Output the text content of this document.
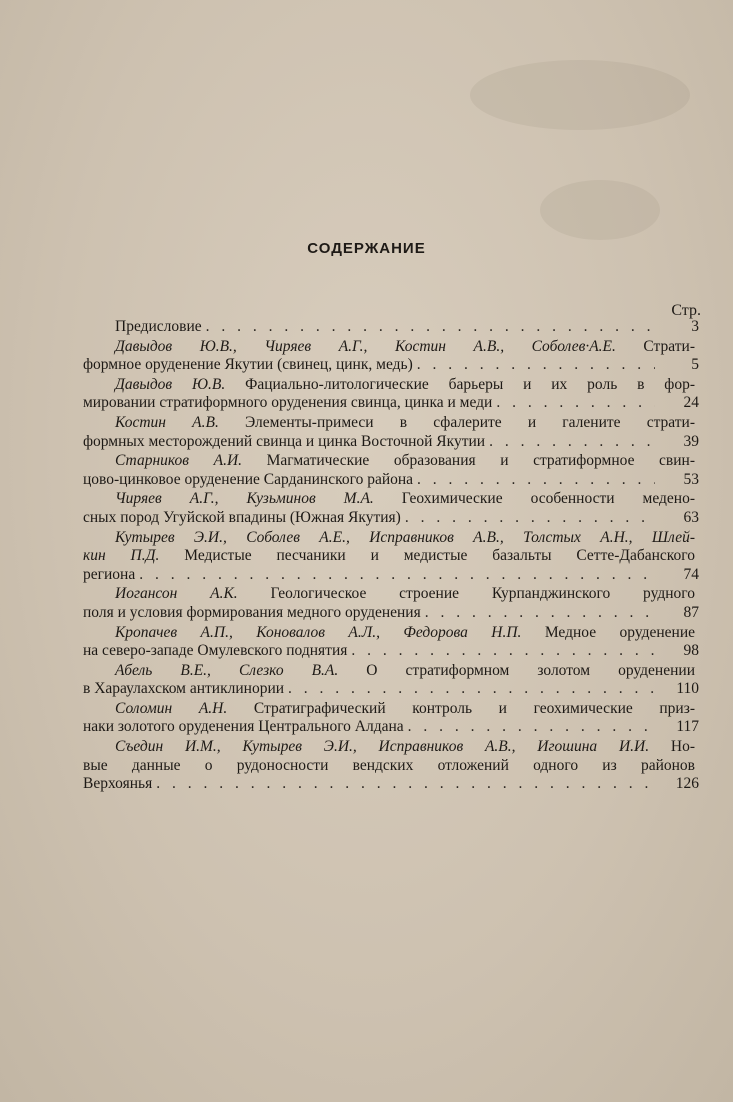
СОДЕРЖАНИЕ
Стр.
Предисловие . . .	3
Давыдов Ю.В., Чиряев А.Г., Костин А.В., Соболев·А.Е. Страти-
формное оруденение Якутии (свинец, цинк, медь) . . .	5
Давыдов Ю.В. Фациально-литологические барьеры и их роль в фор-
мировании стратиформного оруденения свинца, цинка и меди . . .	24
Костин А.В. Элементы-примеси в сфалерите и галените страти-
формных месторождений свинца и цинка Восточной Якутии . . .	39
Старников А.И. Магматические образования и стратиформное свин-
цово-цинковое оруденение Сарданинского района . . .	53
Чиряев А.Г., Кузьминов М.А. Геохимические особенности медено-
сных пород Угуйской впадины (Южная Якутия) . . .	63
Кутырев Э.И., Соболев А.Е., Исправников А.В., Толстых А.Н., Шлей-
кин П.Д. Медистые песчаники и медистые базальты Сетте-Дабанского
региона . . .	74
Иогансон А.К. Геологическое строение Курпанджинского рудного
поля и условия формирования медного оруденения . . .	87
Кропачев А.П., Коновалов А.Л., Федорова Н.П. Медное оруденение
на северо-западе Омулевского поднятия . . .	98
Абель В.Е., Слезко В.А. О стратиформном золотом оруденении
в Хараулахском антиклинории . . .	110
Соломин А.Н. Стратиграфический контроль и геохимические приз-
наки золотого оруденения Центрального Алдана . . .	117
Съедин И.М., Кутырев Э.И., Исправников А.В., Игошина И.И. Но-
вые данные о рудоносности вендских отложений одного из районов
Верхоянья . . .	126
